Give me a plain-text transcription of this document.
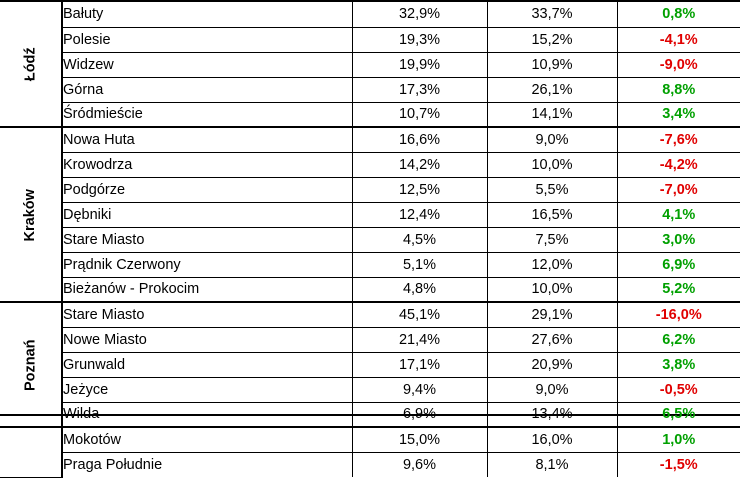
Łódź	Bałuty	32,9%	33,7%	0,8%
	Polesie	19,3%	15,2%	-4,1%
	Widzew	19,9%	10,9%	-9,0%
	Górna	17,3%	26,1%	8,8%
	Śródmieście	10,7%	14,1%	3,4%
Kraków	Nowa Huta	16,6%	9,0%	-7,6%
	Krowodrza	14,2%	10,0%	-4,2%
	Podgórze	12,5%	5,5%	-7,0%
	Dębniki	12,4%	16,5%	4,1%
	Stare Miasto	4,5%	7,5%	3,0%
	Prądnik Czerwony	5,1%	12,0%	6,9%
	Bieżanów - Prokocim	4,8%	10,0%	5,2%
Poznań	Stare Miasto	45,1%	29,1%	-16,0%
	Nowe Miasto	21,4%	27,6%	6,2%
	Grunwald	17,1%	20,9%	3,8%
	Jeżyce	9,4%	9,0%	-0,5%
	Wilda	6,9%	13,4%	6,5%
	Mokotów	15,0%	16,0%	1,0%
	Praga Południe	9,6%	8,1%	-1,5%
